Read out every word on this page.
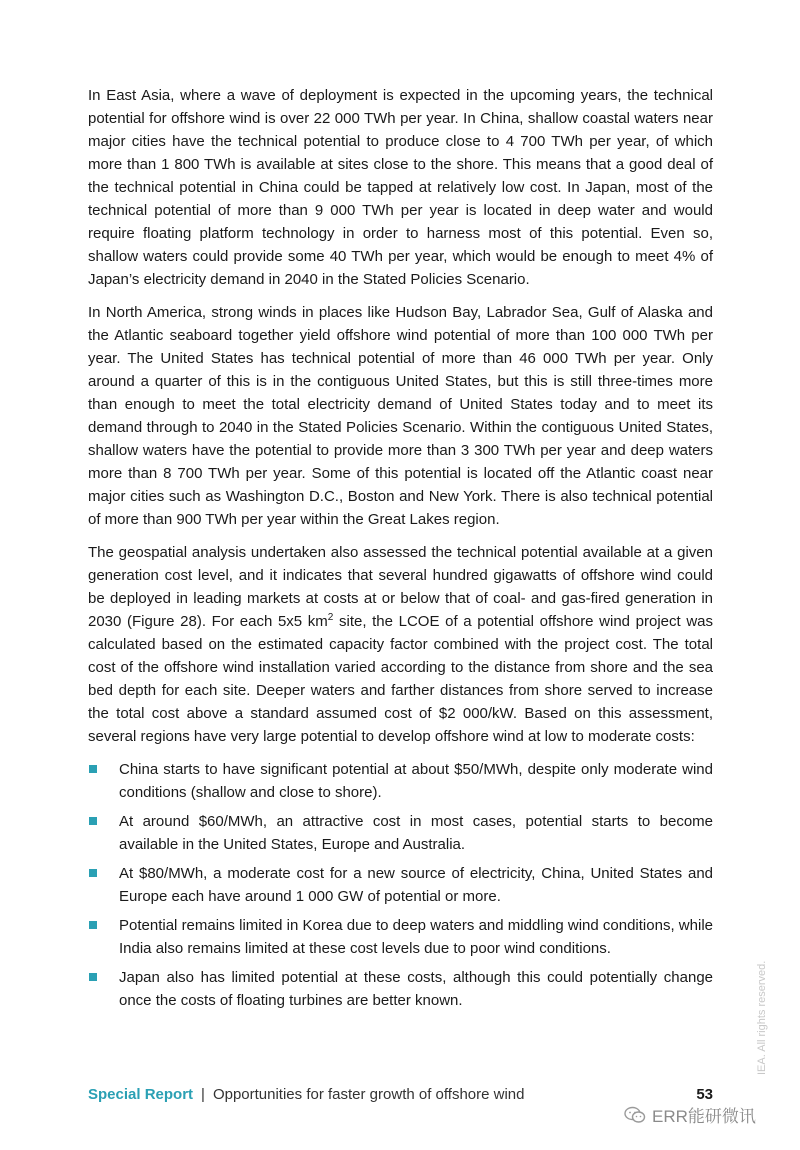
In East Asia, where a wave of deployment is expected in the upcoming years, the technical potential for offshore wind is over 22 000 TWh per year. In China, shallow coastal waters near major cities have the technical potential to produce close to 4 700 TWh per year, of which more than 1 800 TWh is available at sites close to the shore. This means that a good deal of the technical potential in China could be tapped at relatively low cost. In Japan, most of the technical potential of more than 9 000 TWh per year is located in deep water and would require floating platform technology in order to harness most of this potential. Even so, shallow waters could provide some 40 TWh per year, which would be enough to meet 4% of Japan’s electricity demand in 2040 in the Stated Policies Scenario.

In North America, strong winds in places like Hudson Bay, Labrador Sea, Gulf of Alaska and the Atlantic seaboard together yield offshore wind potential of more than 100 000 TWh per year. The United States has technical potential of more than 46 000 TWh per year. Only around a quarter of this is in the contiguous United States, but this is still three-times more than enough to meet the total electricity demand of United States today and to meet its demand through to 2040 in the Stated Policies Scenario. Within the contiguous United States, shallow waters have the potential to provide more than 3 300 TWh per year and deep waters more than 8 700 TWh per year. Some of this potential is located off the Atlantic coast near major cities such as Washington D.C., Boston and New York. There is also technical potential of more than 900 TWh per year within the Great Lakes region.

The geospatial analysis undertaken also assessed the technical potential available at a given generation cost level, and it indicates that several hundred gigawatts of offshore wind could be deployed in leading markets at costs at or below that of coal- and gas-fired generation in 2030 (Figure 28). For each 5x5 $km^2$ site, the LCOE of a potential offshore wind project was calculated based on the estimated capacity factor combined with the project cost. The total cost of the offshore wind installation varied according to the distance from shore and the sea bed depth for each site. Deeper waters and farther distances from shore served to increase the total cost above a standard assumed cost of $2 000/kW. Based on this assessment, several regions have very large potential to develop offshore wind at low to moderate costs:

China starts to have significant potential at about $50/MWh, despite only moderate wind conditions (shallow and close to shore).
At around $60/MWh, an attractive cost in most cases, potential starts to become available in the United States, Europe and Australia.
At $80/MWh, a moderate cost for a new source of electricity, China, United States and Europe each have around 1 000 GW of potential or more.
Potential remains limited in Korea due to deep waters and middling wind conditions, while India also remains limited at these cost levels due to poor wind conditions.
Japan also has limited potential at these costs, although this could potentially change once the costs of floating turbines are better known.
Special Report | Opportunities for faster growth of offshore wind	53
IEA. All rights reserved.
ERR能研微讯
